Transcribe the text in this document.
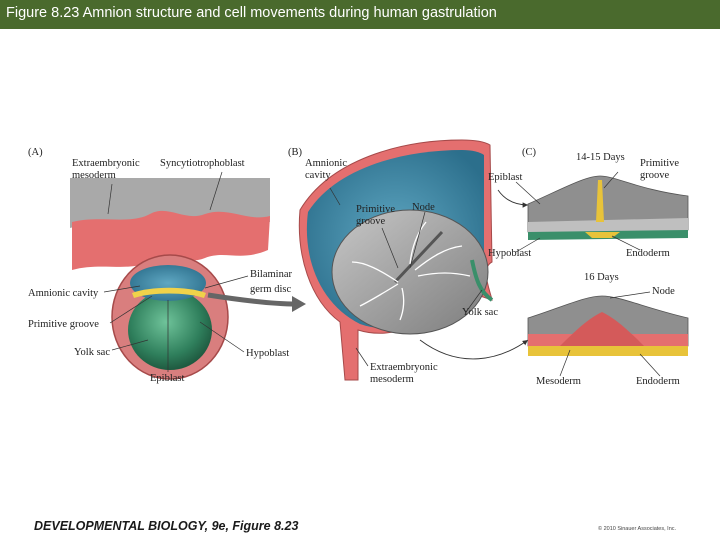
Figure 8.23 Amnion structure and cell movements during human gastrulation
(A)
Extraembryonic
mesoderm
Syncytiotrophoblast
Bilaminar
germ disc
Amnionic cavity
Primitive groove
Yolk sac	Hypoblast
Epiblast
(B)
Amnionic
cavity
Primitive
groove
Node
Yolk sac
Extraembryonic
mesoderm
(C)	14-15 Days
Primitive
groove
Epiblast
Hypoblast	Endoderm
16 Days
Node
Mesoderm	Endoderm
DEVELOPMENTAL BIOLOGY, 9e, Figure 8.23	© 2010 Sinauer Associates, Inc.
